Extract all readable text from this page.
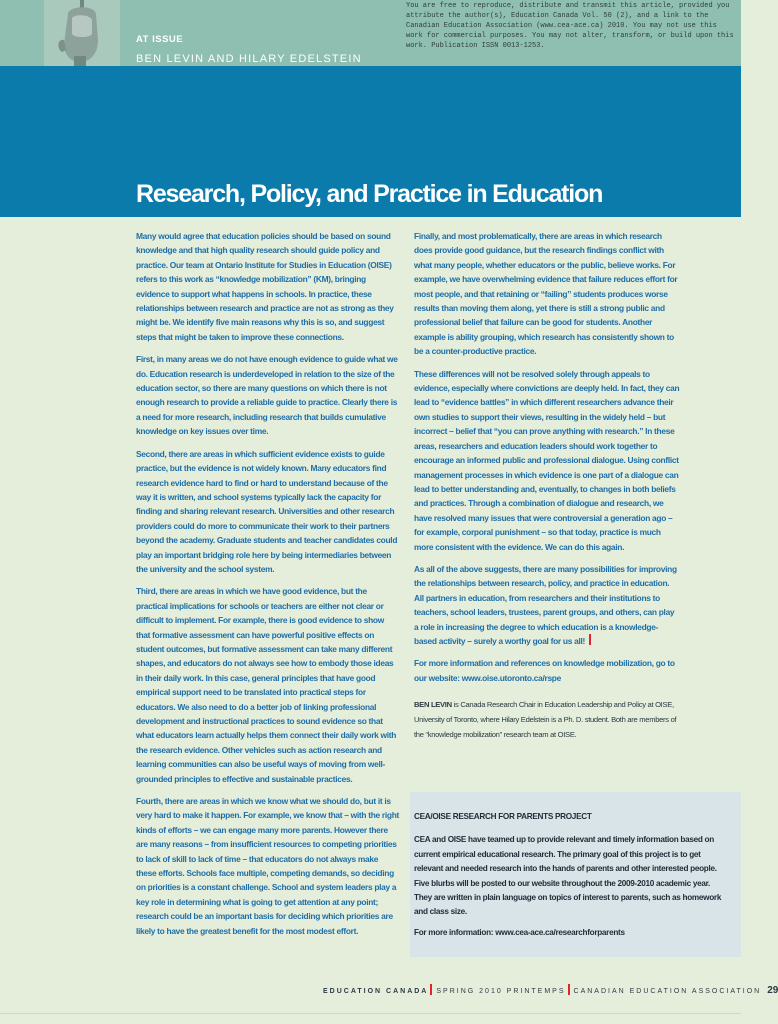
AT ISSUE
BEN LEVIN AND HILARY EDELSTEIN
You are free to reproduce, distribute and transmit this article, provided you attribute the author(s), Education Canada Vol. 50 (2), and a link to the Canadian Education Association (www.cea-ace.ca) 2010. You may not use this work for commercial purposes. You may not alter, transform, or build upon this work. Publication ISSN 0013-1253.
Research, Policy, and Practice in Education

Many would agree that education policies should be based on sound knowledge and that high quality research should guide policy and practice. Our team at Ontario Institute for Studies in Education (OISE) refers to this work as “knowledge mobilization” (KM), bringing evidence to support what happens in schools. In practice, these relationships between research and practice are not as strong as they might be. We identify five main reasons why this is so, and suggest steps that might be taken to improve these connections.

First, in many areas we do not have enough evidence to guide what we do. Education research is underdeveloped in relation to the size of the education sector, so there are many questions on which there is not enough research to provide a reliable guide to practice. Clearly there is a need for more research, including research that builds cumulative knowledge on key issues over time.

Second, there are areas in which sufficient evidence exists to guide practice, but the evidence is not widely known. Many educators find research evidence hard to find or hard to understand because of the way it is written, and school systems typically lack the capacity for finding and sharing relevant research. Universities and other research providers could do more to communicate their work to their partners beyond the academy. Graduate students and teacher candidates could play an important bridging role here by being intermediaries between the university and the school system.

Third, there are areas in which we have good evidence, but the practical implications for schools or teachers are either not clear or difficult to implement. For example, there is good evidence to show that formative assessment can have powerful positive effects on student outcomes, but formative assessment can take many different shapes, and educators do not always see how to embody those ideas in their daily work. In this case, general principles that have good empirical support need to be translated into practical steps for educators. We also need to do a better job of linking professional development and instructional practices to sound evidence so that what educators learn actually helps them connect their daily work with the research evidence. Other vehicles such as action research and learning communities can also be useful ways of moving from well-grounded principles to effective and sustainable practices.

Fourth, there are areas in which we know what we should do, but it is very hard to make it happen. For example, we know that – with the right kinds of efforts – we can engage many more parents. However there are many reasons – from insufficient resources to competing priorities to lack of skill to lack of time – that educators do not always make these efforts. Schools face multiple, competing demands, so deciding on priorities is a constant challenge. School and system leaders play a key role in determining what is going to get attention at any point; research could be an important basis for deciding which priorities are likely to have the greatest benefit for the most modest effort.

Finally, and most problematically, there are areas in which research does provide good guidance, but the research findings conflict with what many people, whether educators or the public, believe works. For example, we have overwhelming evidence that failure reduces effort for most people, and that retaining or “failing” students produces worse results than moving them along, yet there is still a strong public and professional belief that failure can be good for students. Another example is ability grouping, which research has consistently shown to be a counter-productive practice.

These differences will not be resolved solely through appeals to evidence, especially where convictions are deeply held. In fact, they can lead to “evidence battles” in which different researchers advance their own studies to support their views, resulting in the widely held – but incorrect – belief that “you can prove anything with research.” In these areas, researchers and education leaders should work together to encourage an informed public and professional dialogue. Using conflict management processes in which evidence is one part of a dialogue can lead to better understanding and, eventually, to changes in both beliefs and practices. Through a combination of dialogue and research, we have resolved many issues that were controversial a generation ago – for example, corporal punishment – so that today, practice is much more consistent with the evidence. We can do this again.

As all of the above suggests, there are many possibilities for improving the relationships between research, policy, and practice in education. All partners in education, from researchers and their institutions to teachers, school leaders, trustees, parent groups, and others, can play a role in increasing the degree to which education is a knowledge-based activity – surely a worthy goal for us all!

For more information and references on knowledge mobilization, go to our website: www.oise.utoronto.ca/rspe

BEN LEVIN is Canada Research Chair in Education Leadership and Policy at OISE, University of Toronto, where Hilary Edelstein is a Ph. D. student. Both are members of the “knowledge mobilization” research team at OISE.
CEA/OISE RESEARCH FOR PARENTS PROJECT

CEA and OISE have teamed up to provide relevant and timely information based on current empirical educational research. The primary goal of this project is to get relevant and needed research into the hands of parents and other interested people. Five blurbs will be posted to our website throughout the 2009-2010 academic year. They are written in plain language on topics of interest to parents, such as homework and class size.

For more information: www.cea-ace.ca/researchforparents

EDUCATION CANADA SPRING 2010 PRINTEMPS CANADIAN EDUCATION ASSOCIATION 29
